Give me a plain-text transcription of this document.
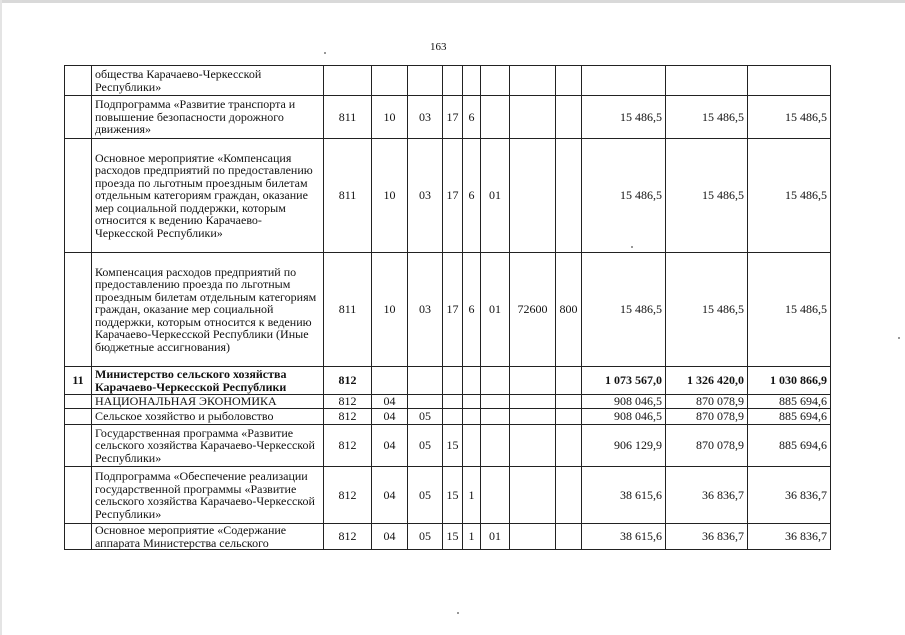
163
	общества Карачаево-Черкесской Республики»											
	Подпрограмма «Развитие транспорта и повышение безопасности дорожного движения»	811	10	03	17	6				15 486,5	15 486,5	15 486,5
	Основное мероприятие «Компенсация расходов предприятий по предоставлению проезда по льготным проездным билетам отдельным категориям граждан, оказание мер социальной поддержки, которым относится к ведению Карачаево-Черкесской Республики»	811	10	03	17	6	01			15 486,5	15 486,5	15 486,5
	Компенсация расходов предприятий по предоставлению проезда по льготным проездным билетам отдельным категориям граждан, оказание мер социальной поддержки, которым относится к ведению Карачаево-Черкесской Республики (Иные бюджетные ассигнования)	811	10	03	17	6	01	72600	800	15 486,5	15 486,5	15 486,5
11	Министерство сельского хозяйства Карачаево-Черкесской Республики	812								1 073 567,0	1 326 420,0	1 030 866,9
	НАЦИОНАЛЬНАЯ ЭКОНОМИКА	812	04							908 046,5	870 078,9	885 694,6
	Сельское хозяйство и рыболовство	812	04	05						908 046,5	870 078,9	885 694,6
	Государственная программа «Развитие сельского хозяйства Карачаево-Черкесской Республики»	812	04	05	15					906 129,9	870 078,9	885 694,6
	Подпрограмма «Обеспечение реализации государственной программы «Развитие сельского хозяйства Карачаево-Черкесской Республики»	812	04	05	15	1				38 615,6	36 836,7	36 836,7
	Основное мероприятие «Содержание аппарата Министерства сельского	812	04	05	15	1	01			38 615,6	36 836,7	36 836,7
